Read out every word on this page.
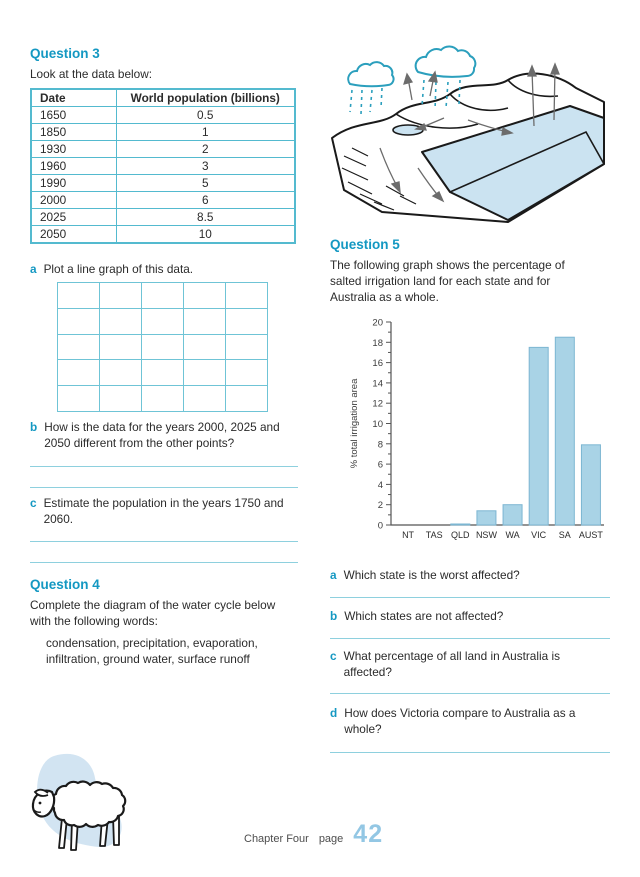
Question 3
Look at the data below:
Date	World population (billions)
1650	0.5
1850	1
1930	2
1960	3
1990	5
2000	6
2025	8.5
2050	10
a Plot a line graph of this data.
b How is the data for the years 2000, 2025 and 2050 different from the other points?
c Estimate the population in the years 1750 and 2060.
Question 4
Complete the diagram of the water cycle below with the following words:
condensation, precipitation, evaporation, infiltration, ground water, surface runoff
Question 5
The following graph shows the percentage of salted irrigation land for each state and for Australia as a whole.
0
2
4
6
8
10
12
14
16
18
20
NT TAS QLD NSW WA VIC SA AUST
% total irrigation area
a Which state is the worst affected?
b Which states are not affected?
c What percentage of all land in Australia is affected?
d How does Victoria compare to Australia as a whole?
Chapter Four page 42
